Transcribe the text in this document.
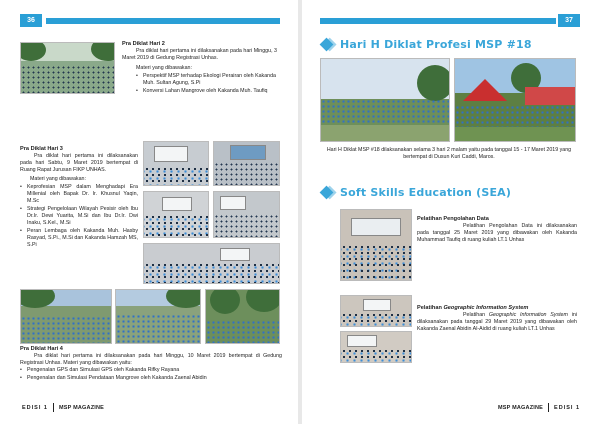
36
Pra Diklat Hari 2
Pra diklat hari pertama ini dilaksanakan pada hari Minggu, 3 Maret 2019 di Gedung Registrasi Unhas.
Materi yang dibawakan:
• Perspektif MSP terhadap Ekologi Perairan oleh Kakanda Muh. Sultan Agung, S.Pi
• Konversi Lahan Mangrove oleh Kakanda Muh. Taufiq
Pra Diklat Hari 3
Pra diklat hari pertama ini dilaksanakan pada hari Sabtu, 9 Maret 2019 bertempat di Ruang Rapat Jurusan FIKP UNHAS.
Materi yang dibawakan:
• Keprofesian MSP dalam Menghadapi Era Millenial oleh Bapak Dr. Ir. Khusnul Yaqin, M.Sc
• Strategi Pengelolaan Wilayah Pesisir oleh Ibu Dr.Ir. Dewi Yuarita, M.Si dan Ibu Dr.Ir. Dwi Inaku, S.Kel., M.Si
• Peran Lembaga oleh Kakanda Muh. Hasby Rasyad, S.Pi., M.Si dan Kakanda Hamzah MS, S.Pi
Pra Diklat Hari 4
Pra diklat hari pertama ini dilaksanakan pada hari Minggu, 10 Maret 2019 bertempat di Gedung Registrasi Unhas. Materi yang dibawakan yaitu:
• Pengenalan GPS dan Simulasi GPS oleh Kakanda Rifky Rayana
• Pengenalan dan Simulasi Pendataan Mangrove oleh Kakanda Zaenal Abidin
EDISI 1 MSP MAGAZINE
37
Hari H Diklat Profesi MSP #18
Hari H Diklat MSP #18 dilaksanakan selama 3 hari 2 malam yaitu pada tanggal 15 - 17 Maret 2019 yang bertempat di Dusun Kuri Caddi, Maros.
Soft Skills Education (SEA)
Pelatihan Pengolahan Data
Pelatihan Pengolahan Data ini dilaksanakan pada tanggal 25 Maret 2019 yang dibawakan oleh Kakanda Muhammad Taufiq di ruang kuliah LT.1 Unhas
Pelatihan Geographic Information System
Pelatihan Geographic Information System ini dilaksanakan pada tanggal 29 Maret 2019 yang dibawakan oleh Kakanda Zaenal Abidin Al-Aidid di ruang kuliah LT.1 Unhas
MSP MAGAZINE EDISI 1
